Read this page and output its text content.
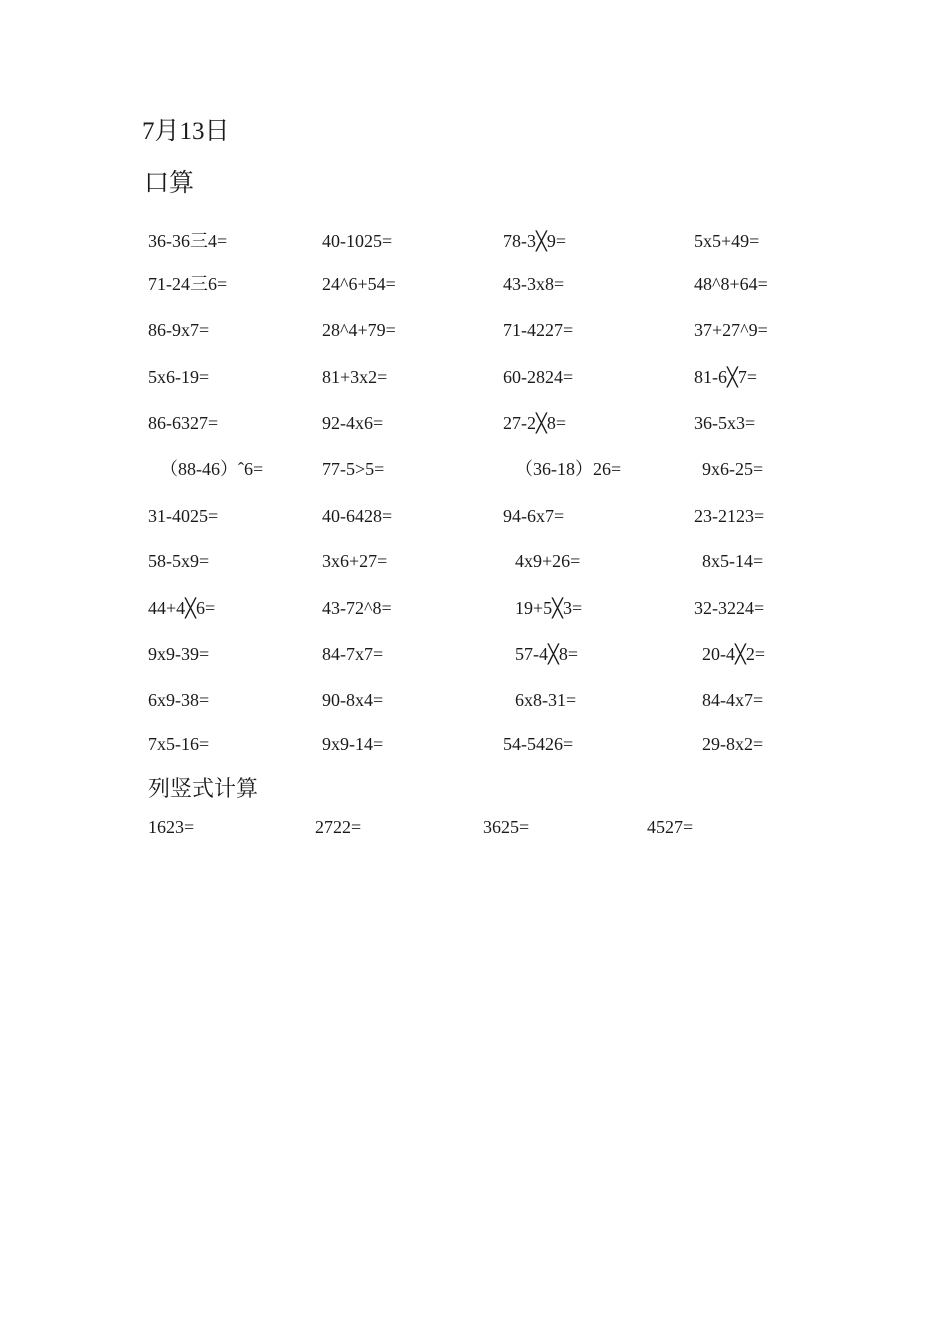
7月13日
口算
36-36三4=	40-1025=	78-3╳9=	5x5+49=
71-24三6=	24^6+54=	43-3x8=	48^8+64=
86-9x7=	28^4+79=	71-4227=	37+27^9=
5x6-19=	81+3x2=	60-2824=	81-6╳7=
86-6327=	92-4x6=	27-2╳8=	36-5x3=
（88-46）ˆ6=	77-5>5=	（36-18）26=	9x6-25=
31-4025=	40-6428=	94-6x7=	23-2123=
58-5x9=	3x6+27=	4x9+26=	8x5-14=
44+4╳6=	43-72^8=	19+5╳3=	32-3224=
9x9-39=	84-7x7=	57-4╳8=	20-4╳2=
6x9-38=	90-8x4=	6x8-31=	84-4x7=
7x5-16=	9x9-14=	54-5426=	29-8x2=
列竖式计算
1623=	2722=	3625=	4527=
